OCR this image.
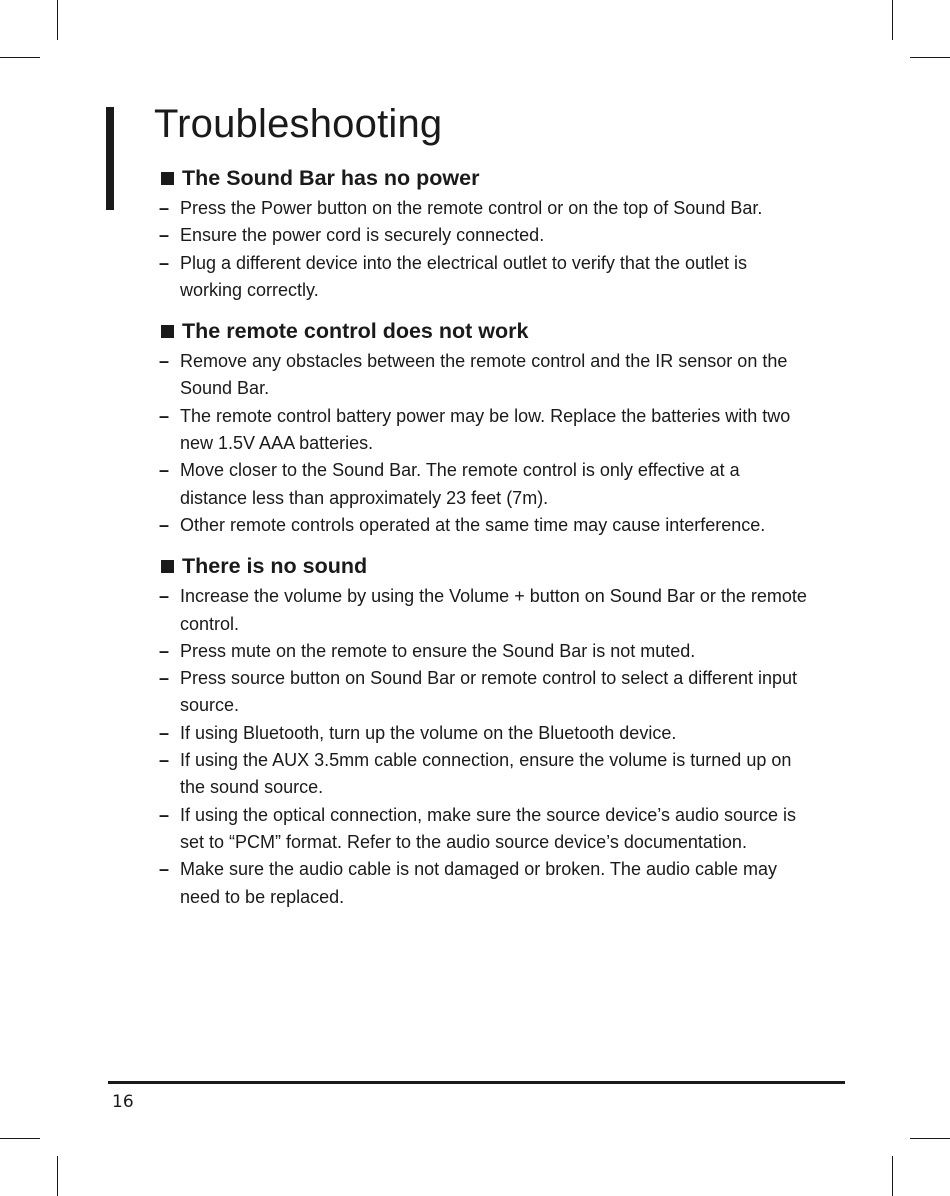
Troubleshooting
The Sound Bar has no power
– Press the Power button on the remote control or on the top of Sound Bar.
– Ensure the power cord is securely connected.
– Plug a different device into the electrical outlet to verify that the outlet is working correctly.
The remote control does not work
– Remove any obstacles between the remote control and the IR sensor on the Sound Bar.
– The remote control battery power may be low. Replace the batteries with two new 1.5V AAA batteries.
– Move closer to the Sound Bar. The remote control is only effective at a distance less than approximately 23 feet (7m).
– Other remote controls operated at the same time may cause interference.
There is no sound
– Increase the volume by using the Volume + button on Sound Bar or the remote control.
– Press mute on the remote to ensure the Sound Bar is not muted.
– Press source button on Sound Bar or remote control to select a different input source.
– If using Bluetooth, turn up the volume on the Bluetooth device.
– If using the AUX 3.5mm cable connection, ensure the volume is turned up on the sound source.
– If using the optical connection, make sure the source device’s audio source is set to “PCM” format. Refer to the audio source device’s documentation.
– Make sure the audio cable is not damaged or broken. The audio cable may need to be replaced.
16
